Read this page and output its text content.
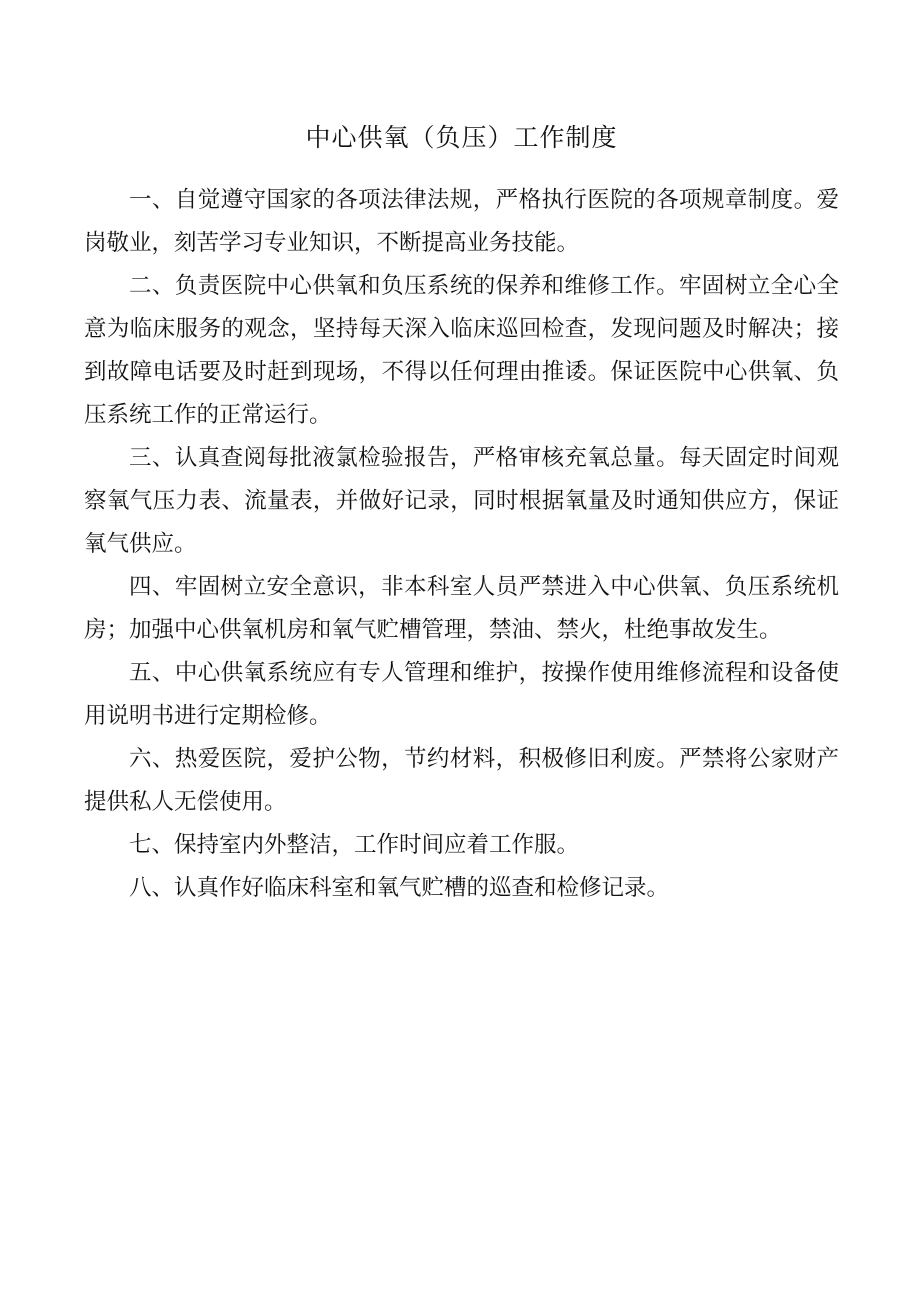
中心供氧（负压）工作制度

一、自觉遵守国家的各项法律法规，严格执行医院的各项规章制度。爱岗敬业，刻苦学习专业知识，不断提高业务技能。

二、负责医院中心供氧和负压系统的保养和维修工作。牢固树立全心全意为临床服务的观念，坚持每天深入临床巡回检查，发现问题及时解决；接到故障电话要及时赶到现场，不得以任何理由推诿。保证医院中心供氧、负压系统工作的正常运行。

三、认真查阅每批液氯检验报告，严格审核充氧总量。每天固定时间观察氧气压力表、流量表，并做好记录，同时根据氧量及时通知供应方，保证氧气供应。

四、牢固树立安全意识，非本科室人员严禁进入中心供氧、负压系统机房；加强中心供氧机房和氧气贮槽管理，禁油、禁火，杜绝事故发生。

五、中心供氧系统应有专人管理和维护，按操作使用维修流程和设备使用说明书进行定期检修。

六、热爱医院，爱护公物，节约材料，积极修旧利废。严禁将公家财产提供私人无偿使用。

七、保持室内外整洁，工作时间应着工作服。

八、认真作好临床科室和氧气贮槽的巡查和检修记录。
